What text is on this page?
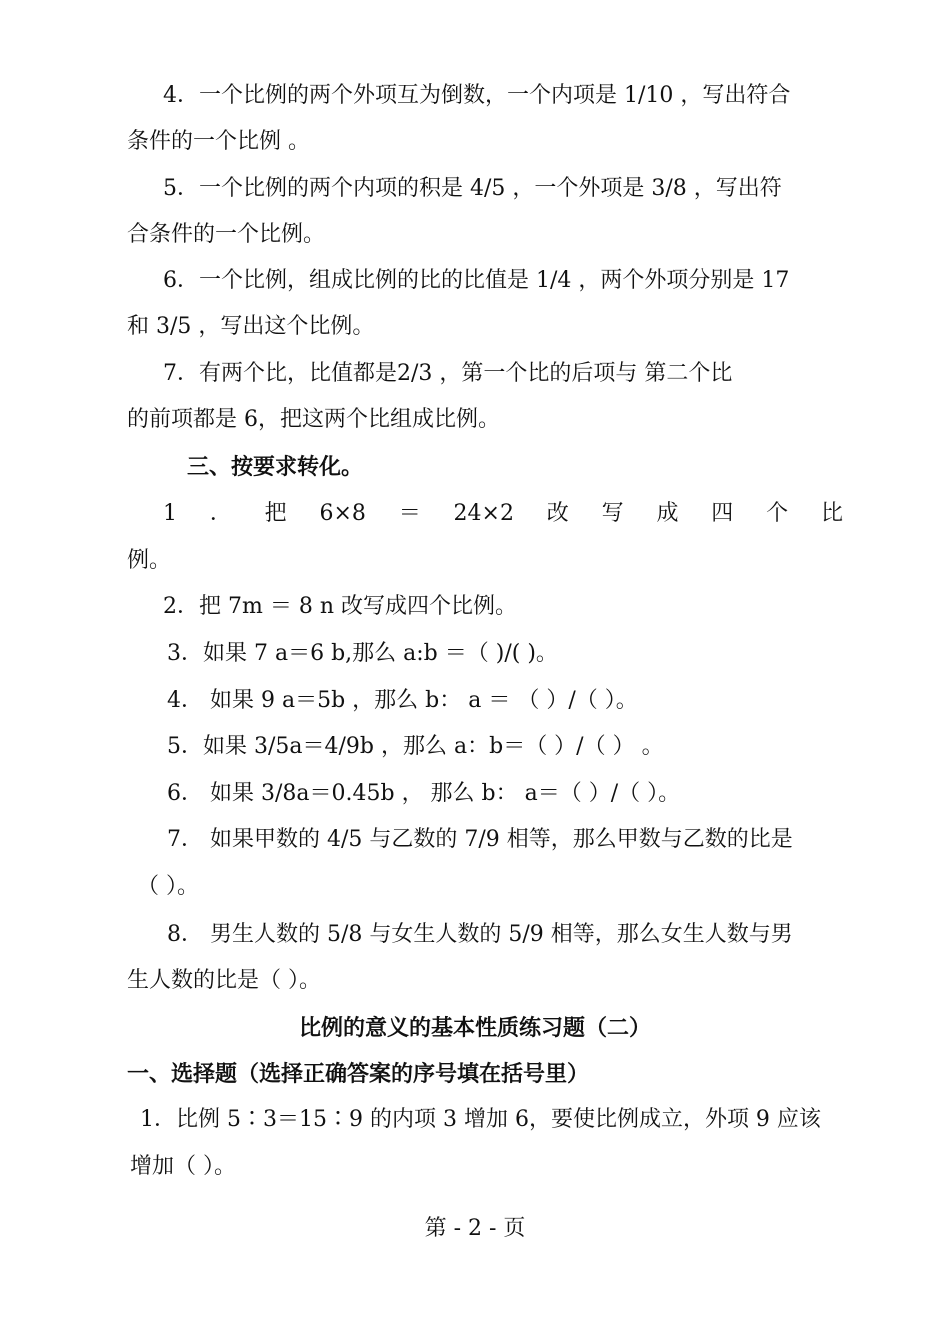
4．一个比例的两个外项互为倒数，一个内项是 1/10 ，写出符合
条件的一个比例 。
5．一个比例的两个内项的积是 4/5 ，一个外项是 3/8 ，写出符
合条件的一个比例。
6．一个比例，组成比例的比的比值是 1/4 ，两个外项分别是 17
和 3/5 ，写出这个比例。
7．有两个比，比值都是2/3 ，第一个比的后项与 第二个比
的前项都是 6，把这两个比组成比例。
三、按要求转化。
1 ． 把 6×8 ＝ 24×2 改 写 成 四 个 比
例。
2．把 7m ＝ 8 n 改写成四个比例。
3．如果 7 a＝6 b,那么 a:b ＝（ )/( )。
4． 如果 9 a＝5b ，那么 b： a ＝ （ ）/（ ）。
5．如果 3/5a＝4/9b ，那么 a：b＝（ ）/（ ） 。
6． 如果 3/8a＝0.45b ， 那么 b： a＝（ ）/（ ）。
7． 如果甲数的 4/5 与乙数的 7/9 相等，那么甲数与乙数的比是
（ ）。
8． 男生人数的 5/8 与女生人数的 5/9 相等，那么女生人数与男
生人数的比是（ ）。
比例的意义的基本性质练习题（二）
一、选择题（选择正确答案的序号填在括号里）
1．比例 5∶3＝15∶9 的内项 3 增加 6，要使比例成立，外项 9 应该
增加（ ）。
第 - 2 - 页
